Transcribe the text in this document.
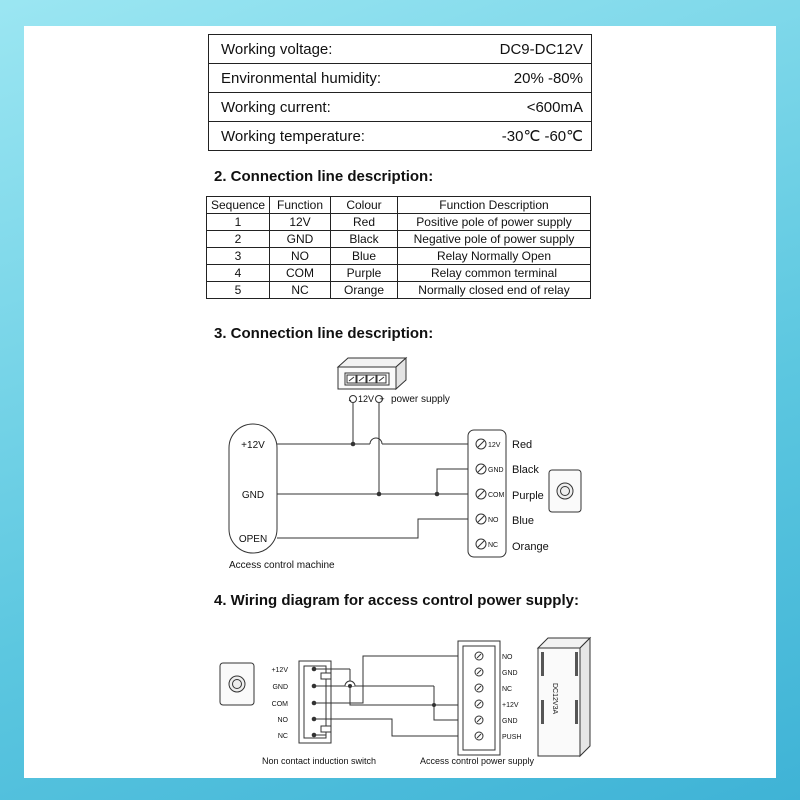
Working voltage:	DC9-DC12V
Environmental humidity:	20% -80%
Working current:	<600mA
Working temperature:	-30℃ -60℃
2. Connection line description:
Sequence	Function	Colour	Function Description
1	12V	Red	Positive pole of power supply
2	GND	Black	Negative pole of power supply
3	NO	Blue	Relay Normally Open
4	COM	Purple	Relay common terminal
5	NC	Orange	Normally closed end of relay
3. Connection line description:
4. Wiring diagram for access control power supply:
- 12V + power supply
+12V
GND
OPEN
Access control machine
12V
GND
COM
NO
NC
Red
Black
Purple
Blue
Orange
+12V
GND
COM
NO
NC
Non contact induction switch
NO
GND
NC
+12V
GND
PUSH
Access control power supply
DC12V3A
